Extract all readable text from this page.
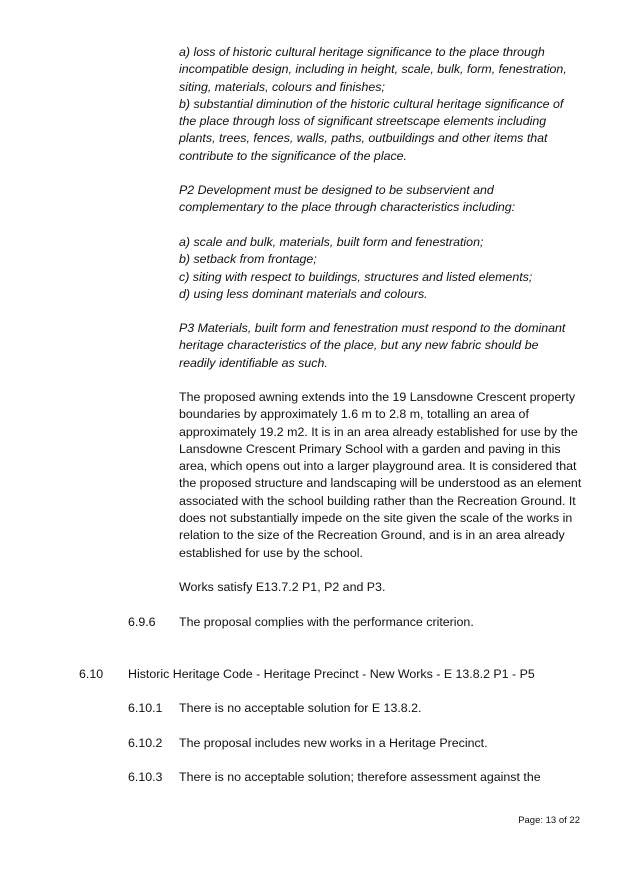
a) loss of historic cultural heritage significance to the place through
incompatible design, including in height, scale, bulk, form, fenestration,
siting, materials, colours and finishes;
b) substantial diminution of the historic cultural heritage significance of
the place through loss of significant streetscape elements including
plants, trees, fences, walls, paths, outbuildings and other items that
contribute to the significance of the place.
P2 Development must be designed to be subservient and
complementary to the place through characteristics including:
a) scale and bulk, materials, built form and fenestration;
b) setback from frontage;
c) siting with respect to buildings, structures and listed elements;
d) using less dominant materials and colours.
P3 Materials, built form and fenestration must respond to the dominant
heritage characteristics of the place, but any new fabric should be
readily identifiable as such.
The proposed awning extends into the 19 Lansdowne Crescent property
boundaries by approximately 1.6 m to 2.8 m, totalling an area of
approximately 19.2 m2. It is in an area already established for use by the
Lansdowne Crescent Primary School with a garden and paving in this
area, which opens out into a larger playground area. It is considered that
the proposed structure and landscaping will be understood as an element
associated with the school building rather than the Recreation Ground. It
does not substantially impede on the site given the scale of the works in
relation to the size of the Recreation Ground, and is in an area already
established for use by the school.
Works satisfy E13.7.2 P1, P2 and P3.
6.9.6 The proposal complies with the performance criterion.
6.10 Historic Heritage Code - Heritage Precinct - New Works - E 13.8.2 P1 - P5
6.10.1 There is no acceptable solution for E 13.8.2.
6.10.2 The proposal includes new works in a Heritage Precinct.
6.10.3 There is no acceptable solution; therefore assessment against the
Page: 13 of 22
